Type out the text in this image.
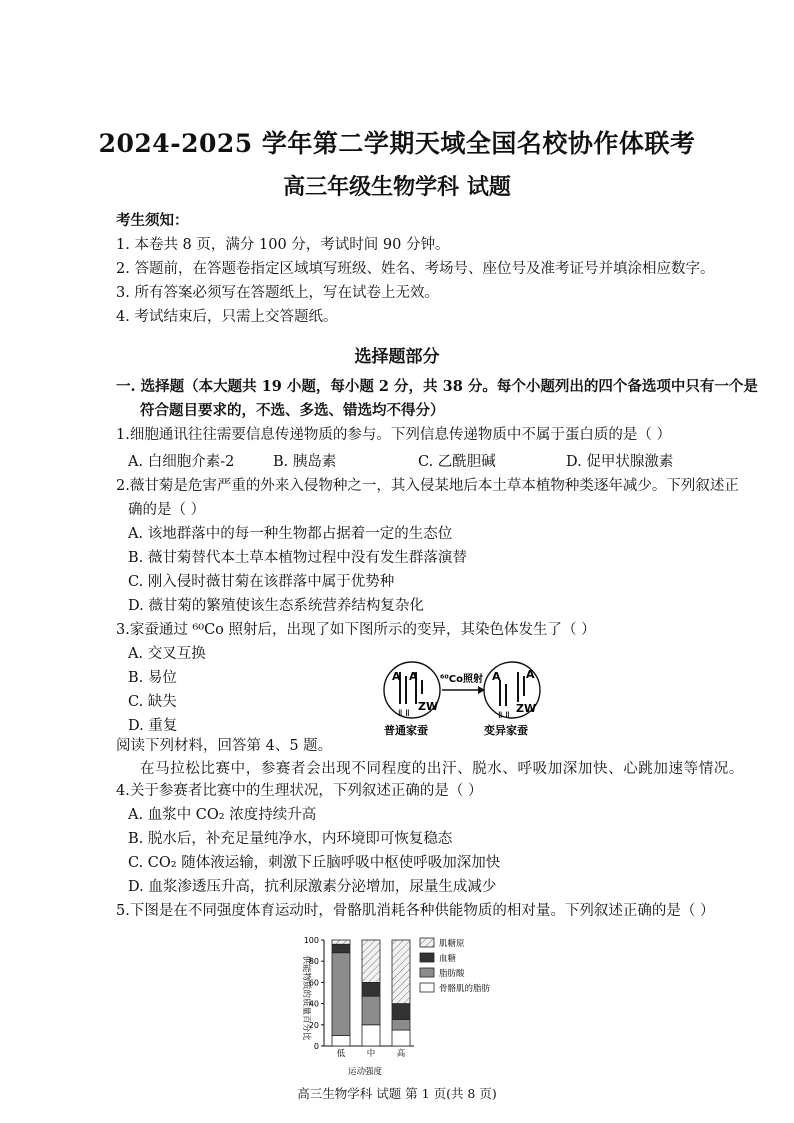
2024-2025 学年第二学期天域全国名校协作体联考
高三年级生物学科 试题
考生须知：
1. 本卷共 8 页，满分 100 分，考试时间 90 分钟。
2. 答题前，在答题卷指定区域填写班级、姓名、考场号、座位号及准考证号并填涂相应数字。
3. 所有答案必须写在答题纸上，写在试卷上无效。
4. 考试结束后，只需上交答题纸。
选择题部分
一. 选择题（本大题共 19 小题，每小题 2 分，共 38 分。每个小题列出的四个备选项中只有一个是
符合题目要求的，不选、多选、错选均不得分）
1.细胞通讯往往需要信息传递物质的参与。下列信息传递物质中不属于蛋白质的是（ ）
A. 白细胞介素-2	B. 胰岛素	C. 乙酰胆碱	D. 促甲状腺激素
2.薇甘菊是危害严重的外来入侵物种之一，其入侵某地后本土草本植物种类逐年减少。下列叙述正
确的是（ ）
A. 该地群落中的每一种生物都占据着一定的生态位
B. 薇甘菊替代本土草本植物过程中没有发生群落演替
C. 刚入侵时薇甘菊在该群落中属于优势种
D. 薇甘菊的繁殖使该生态系统营养结构复杂化
3.家蚕通过 ⁶⁰Co 照射后，出现了如下图所示的变异，其染色体发生了（ ）
A. 交叉互换
B. 易位
C. 缺失
D. 重复
A A
Ⅱ Ⅱ
ZW
⁶⁰Co照射 A A
Ⅱ Ⅱ
ZW
普通家蚕	变异家蚕
阅读下列材料，回答第 4、5 题。
在马拉松比赛中，参赛者会出现不同程度的出汗、脱水、呼吸加深加快、心跳加速等情况。
4.关于参赛者比赛中的生理状况，下列叙述正确的是（ ）
A. 血浆中 CO₂ 浓度持续升高
B. 脱水后，补充足量纯净水，内环境即可恢复稳态
C. CO₂ 随体液运输，刺激下丘脑呼吸中枢使呼吸加深加快
D. 血浆渗透压升高，抗利尿激素分泌增加，尿量生成减少
5.下图是在不同强度体育运动时，骨骼肌消耗各种供能物质的相对量。下列叙述正确的是（ ）
供能物质的质量百分比
0
20
40
60
80
100
低	中	高
肌糖原
血糖
脂肪酸
骨骼肌的脂肪
运动强度
高三生物学科 试题 第 1 页(共 8 页)
